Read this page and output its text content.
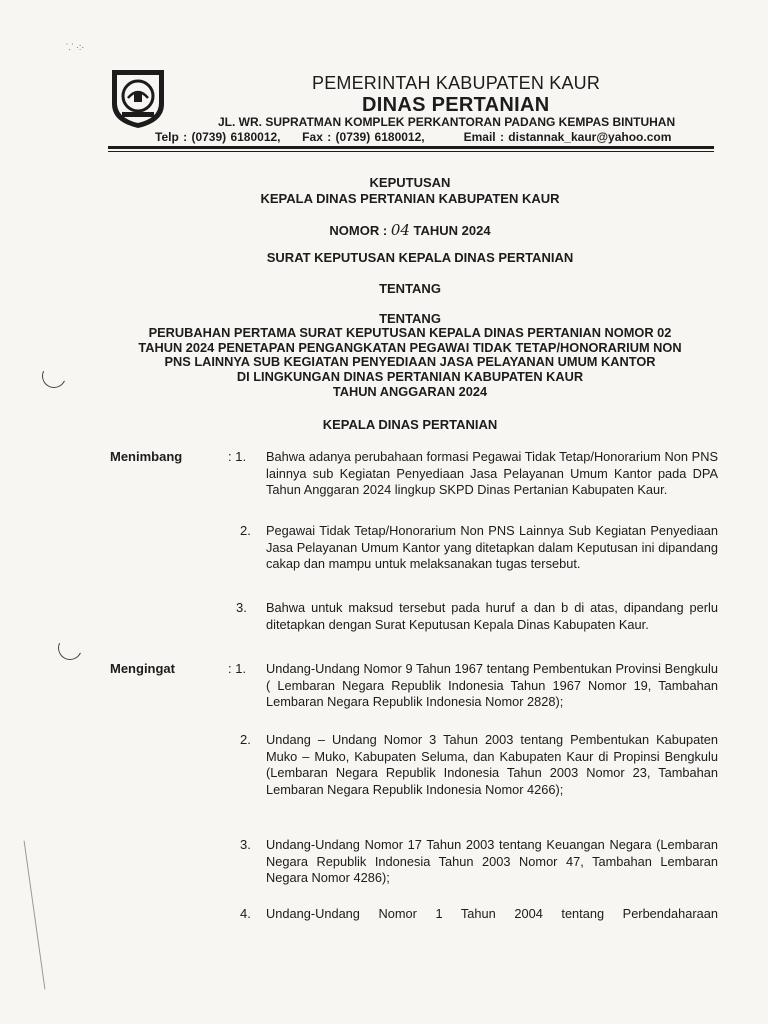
⸪ ·:·
PEMERINTAH KABUPATEN KAUR
DINAS PERTANIAN
JL. WR. SUPRATMAN KOMPLEK PERKANTORAN PADANG KEMPAS BINTUHAN
Telp : (0739) 6180012,     Fax : (0739) 6180012,         Email : distannak_kaur@yahoo.com
KEPUTUSAN
KEPALA DINAS PERTANIAN KABUPATEN KAUR
NOMOR : 04 TAHUN 2024
SURAT KEPUTUSAN KEPALA DINAS PERTANIAN
TENTANG
TENTANG
PERUBAHAN PERTAMA SURAT KEPUTUSAN KEPALA DINAS PERTANIAN NOMOR 02
TAHUN 2024 PENETAPAN PENGANGKATAN PEGAWAI TIDAK TETAP/HONORARIUM NON
PNS LAINNYA SUB KEGIATAN PENYEDIAAN JASA PELAYANAN UMUM KANTOR
DI LINGKUNGAN DINAS PERTANIAN KABUPATEN KAUR
TAHUN ANGGARAN 2024
KEPALA DINAS PERTANIAN
Menimbang	: 1. Bahwa adanya perubahaan formasi Pegawai Tidak Tetap/Honorarium Non PNS lainnya sub Kegiatan Penyediaan Jasa Pelayanan Umum Kantor pada DPA Tahun Anggaran 2024 lingkup SKPD Dinas Pertanian Kabupaten Kaur.
2. Pegawai Tidak Tetap/Honorarium Non PNS Lainnya Sub Kegiatan Penyediaan Jasa Pelayanan Umum Kantor yang ditetapkan dalam Keputusan ini dipandang cakap dan mampu untuk melaksanakan tugas tersebut.
3. Bahwa untuk maksud tersebut pada huruf a dan b di atas, dipandang perlu ditetapkan dengan Surat Keputusan Kepala Dinas Kabupaten Kaur.
Mengingat	: 1. Undang-Undang Nomor 9 Tahun 1967 tentang Pembentukan Provinsi Bengkulu ( Lembaran Negara Republik Indonesia Tahun 1967 Nomor 19, Tambahan Lembaran Negara Republik Indonesia Nomor 2828);
2. Undang – Undang Nomor 3 Tahun 2003 tentang Pembentukan Kabupaten Muko – Muko, Kabupaten Seluma, dan Kabupaten Kaur di Propinsi Bengkulu (Lembaran Negara Republik Indonesia Tahun 2003 Nomor 23, Tambahan Lembaran Negara Republik Indonesia Nomor 4266);
3. Undang-Undang Nomor 17 Tahun 2003 tentang Keuangan Negara (Lembaran Negara Republik Indonesia Tahun 2003 Nomor 47, Tambahan Lembaran Negara Nomor 4286);
4. Undang-Undang Nomor 1 Tahun 2004 tentang Perbendaharaan
